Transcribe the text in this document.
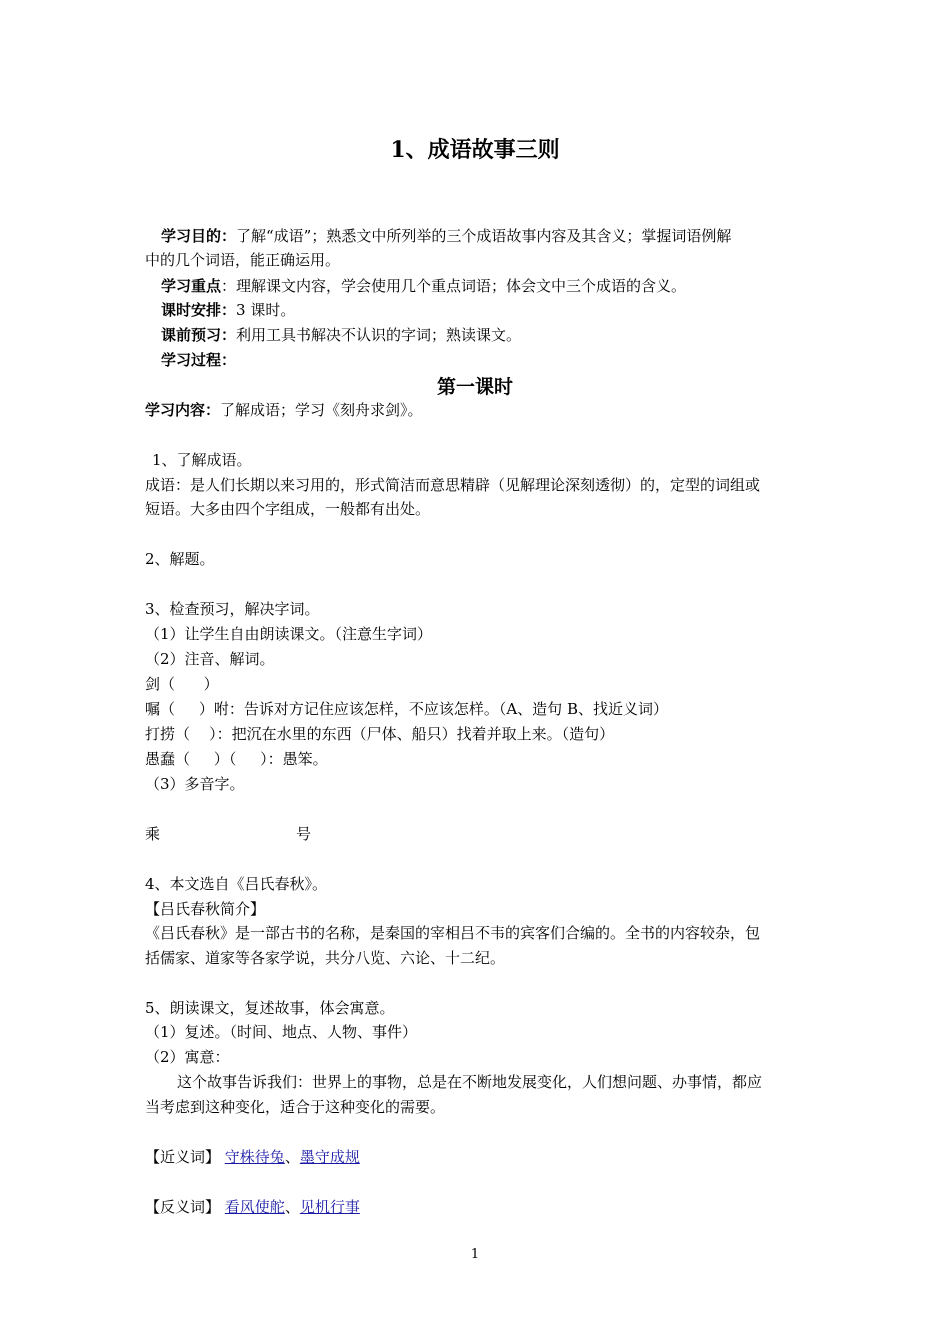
1、成语故事三则
学习目的：了解“成语”；熟悉文中所列举的三个成语故事内容及其含义；掌握词语例解
中的几个词语，能正确运用。
学习重点：理解课文内容，学会使用几个重点词语；体会文中三个成语的含义。
课时安排：3 课时。
课前预习：利用工具书解决不认识的字词；熟读课文。
学习过程：
第一课时
学习内容：了解成语；学习《刻舟求剑》。
1、了解成语。
成语：是人们长期以来习用的，形式简洁而意思精辟（见解理论深刻透彻）的，定型的词组或
短语。大多由四个字组成，一般都有出处。
2、解题。
3、检查预习，解决字词。
（1）让学生自由朗读课文。（注意生字词）
（2）注音、解词。
剑（      ）
嘱（     ）咐：告诉对方记住应该怎样，不应该怎样。（A、造句 B、找近义词）
打捞（    ）：把沉在水里的东西（尸体、船只）找着并取上来。（造句）
愚蠢（     ）（     ）：愚笨。
（3）多音字。
乘	号
4、本文选自《吕氏春秋》。
【吕氏春秋简介】
《吕氏春秋》是一部古书的名称，是秦国的宰相吕不韦的宾客们合编的。全书的内容较杂，包
括儒家、道家等各家学说，共分八览、六论、十二纪。
5、朗读课文，复述故事，体会寓意。
（1）复述。（时间、地点、人物、事件）
（2）寓意：
这个故事告诉我们：世界上的事物，总是在不断地发展变化，人们想问题、办事情，都应
当考虑到这种变化，适合于这种变化的需要。
【近义词】 守株待兔、墨守成规
【反义词】 看风使舵、见机行事
1
